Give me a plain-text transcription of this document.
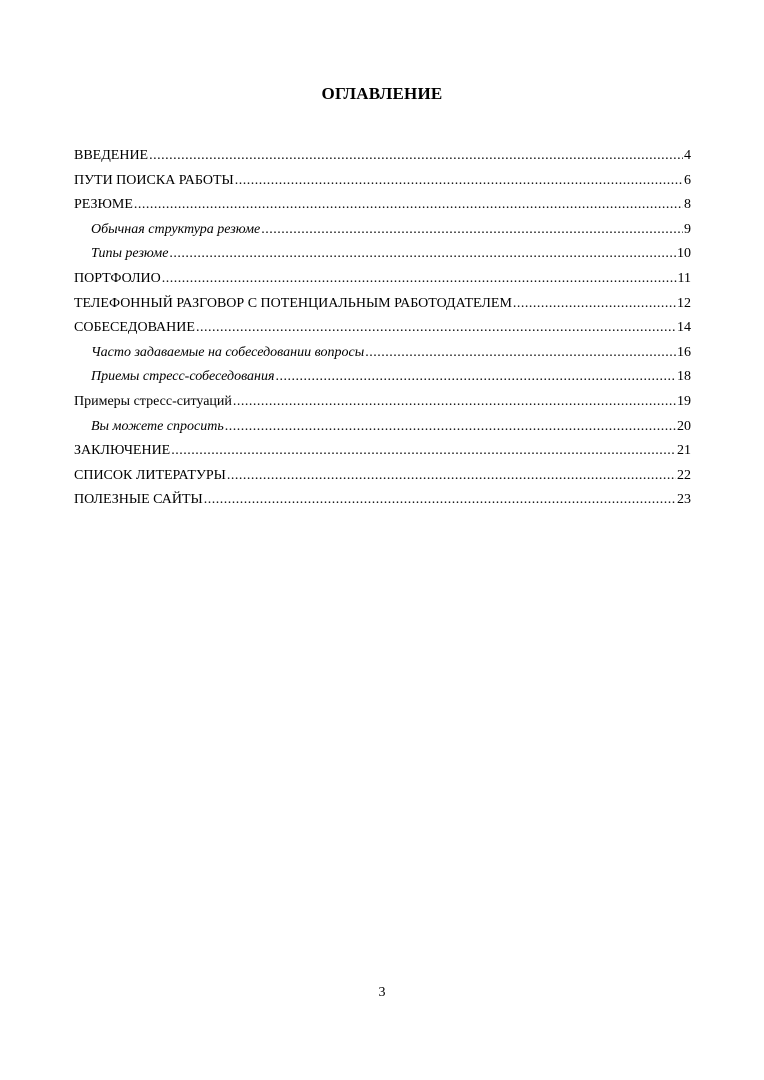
ОГЛАВЛЕНИЕ
ВВЕДЕНИЕ .....	4
ПУТИ ПОИСКА РАБОТЫ .....	6
РЕЗЮМЕ .....	8
Обычная структура резюме .....	9
Типы резюме .....	10
ПОРТФОЛИО .....	11
ТЕЛЕФОННЫЙ РАЗГОВОР С ПОТЕНЦИАЛЬНЫМ РАБОТОДАТЕЛЕМ .....	12
СОБЕСЕДОВАНИЕ .....	14
Часто задаваемые на собеседовании вопросы .....	16
Приемы стресс-собеседования .....	18
Примеры стресс-ситуаций .....	19
Вы можете спросить .....	20
ЗАКЛЮЧЕНИЕ .....	21
СПИСОК ЛИТЕРАТУРЫ .....	22
ПОЛЕЗНЫЕ САЙТЫ .....	23
3
